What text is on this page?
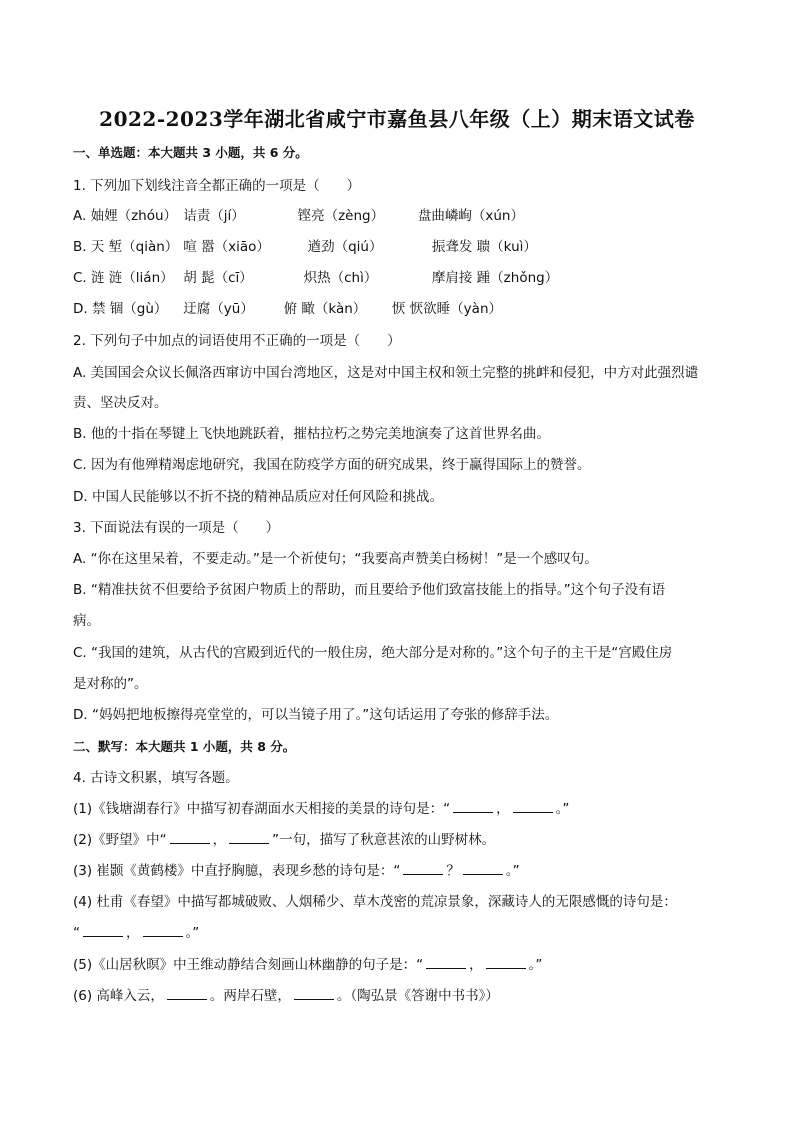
2022-2023学年湖北省咸宁市嘉鱼县八年级（上）期末语文试卷
一、单选题：本大题共 3 小题，共 6 分。
1. 下列加下划线注音全都正确的一项是（　　）
A. 妯娌（zhóu） 诘责（jí）	铿亮（zèng）	盘曲嶙峋（xún）
B. 天 堑（qiàn） 喧 嚣（xiāo）	遒劲（qiú）	振聋发 聩（kuì）
C. 涟 涟（lián） 胡 髭（cī）	炽热（chì）	摩肩接 踵（zhǒng）
D. 禁 锢（gù） 迂腐（yū） 俯 瞰（kàn） 恹 恹欲睡（yàn）
2. 下列句子中加点的词语使用不正确的一项是（　　）
A. 美国国会众议长佩洛西窜访中国台湾地区，这是对中国主权和领土完整的挑衅和侵犯，中方对此强烈谴
责、坚决反对。
B. 他的十指在琴键上飞快地跳跃着，摧枯拉朽之势完美地演奏了这首世界名曲。
C. 因为有他殚精竭虑地研究，我国在防疫学方面的研究成果，终于赢得国际上的赞誉。
D. 中国人民能够以不折不挠的精神品质应对任何风险和挑战。
3. 下面说法有误的一项是（　　）
A. “你在这里呆着，不要走动。”是一个祈使句；“我要高声赞美白杨树！”是一个感叹句。
B. “精准扶贫不但要给予贫困户物质上的帮助，而且要给予他们致富技能上的指导。”这个句子没有语
病。
C. “我国的建筑，从古代的宫殿到近代的一般住房，绝大部分是对称的。”这个句子的主干是“宫殿住房
是对称的”。
D. “妈妈把地板擦得亮堂堂的，可以当镜子用了。”这句话运用了夸张的修辞手法。
二、默写：本大题共 1 小题，共 8 分。
4. 古诗文积累，填写各题。
(1)《钱塘湖春行》中描写初春湖面水天相接的美景的诗句是：“	，	。”
(2)《野望》中“	，	”一句，描写了秋意甚浓的山野树林。
(3) 崔颢《黄鹤楼》中直抒胸臆，表现乡愁的诗句是：“	？	。”
(4) 杜甫《春望》中描写都城破败、人烟稀少、草木茂密的荒凉景象，深藏诗人的无限感慨的诗句是：
“	，	。”
(5)《山居秋暝》中王维动静结合刻画山林幽静的句子是：“	，	。”
(6) 高峰入云，	。两岸石壁，	。（陶弘景《答谢中书书》）
